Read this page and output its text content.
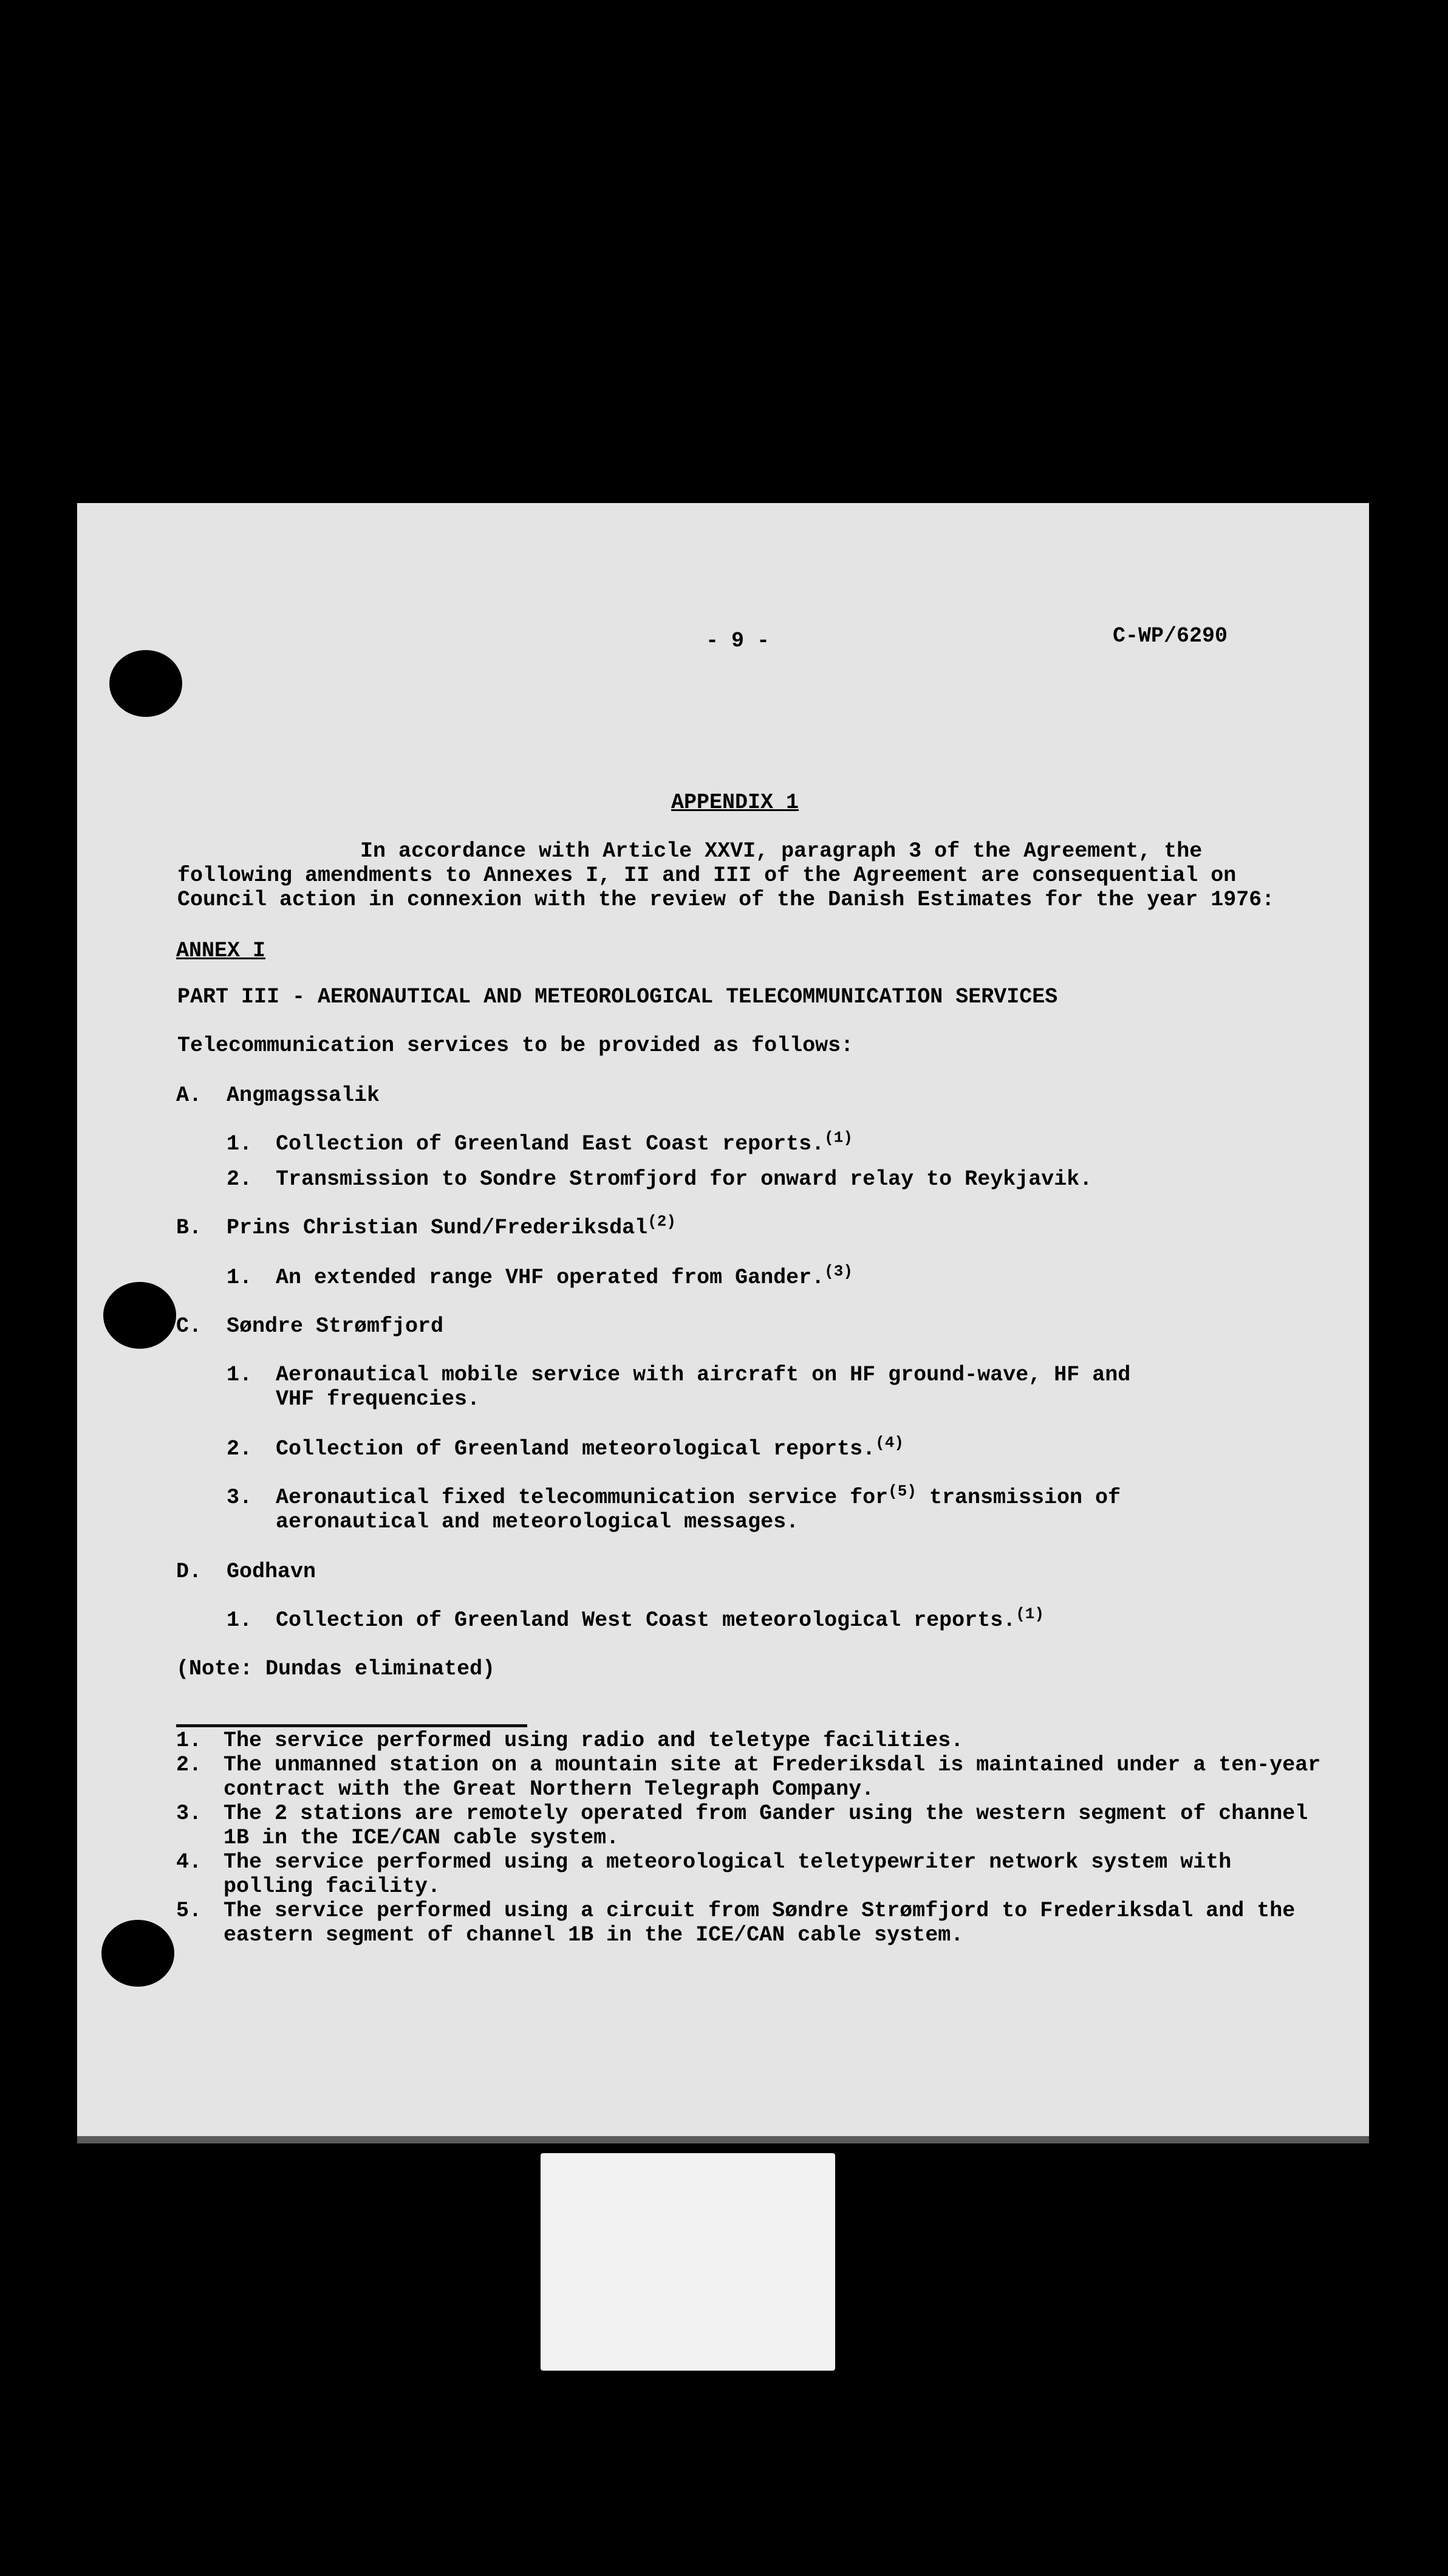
- 9 -	C-WP/6290
APPENDIX 1
In accordance with Article XXVI, paragraph 3 of the Agreement, the
following amendments to Annexes I, II and III of the Agreement are consequential on
Council action in connexion with the review of the Danish Estimates for the year 1976:
ANNEX I
PART III - AERONAUTICAL AND METEOROLOGICAL TELECOMMUNICATION SERVICES
Telecommunication services to be provided as follows:
A. Angmagssalik
1. Collection of Greenland East Coast reports.$^{(1)}$
2. Transmission to Sondre Stromfjord for onward relay to Reykjavik.
B. Prins Christian Sund/Frederiksdal$^{(2)}$
1. An extended range VHF operated from Gander.$^{(3)}$
C. Søndre Strømfjord
1. Aeronautical mobile service with aircraft on HF ground-wave, HF and
VHF frequencies.
2. Collection of Greenland meteorological reports.$^{(4)}$
3. Aeronautical fixed telecommunication service for$^{(5)}$ transmission of
aeronautical and meteorological messages.
D. Godhavn
1. Collection of Greenland West Coast meteorological reports.$^{(1)}$
(Note: Dundas eliminated)
1. The service performed using radio and teletype facilities.
2. The unmanned station on a mountain site at Frederiksdal is maintained under a ten-year
contract with the Great Northern Telegraph Company.
3. The 2 stations are remotely operated from Gander using the western segment of channel
1B in the ICE/CAN cable system.
4. The service performed using a meteorological teletypewriter network system with
polling facility.
5. The service performed using a circuit from Søndre Strømfjord to Frederiksdal and the
eastern segment of channel 1B in the ICE/CAN cable system.
